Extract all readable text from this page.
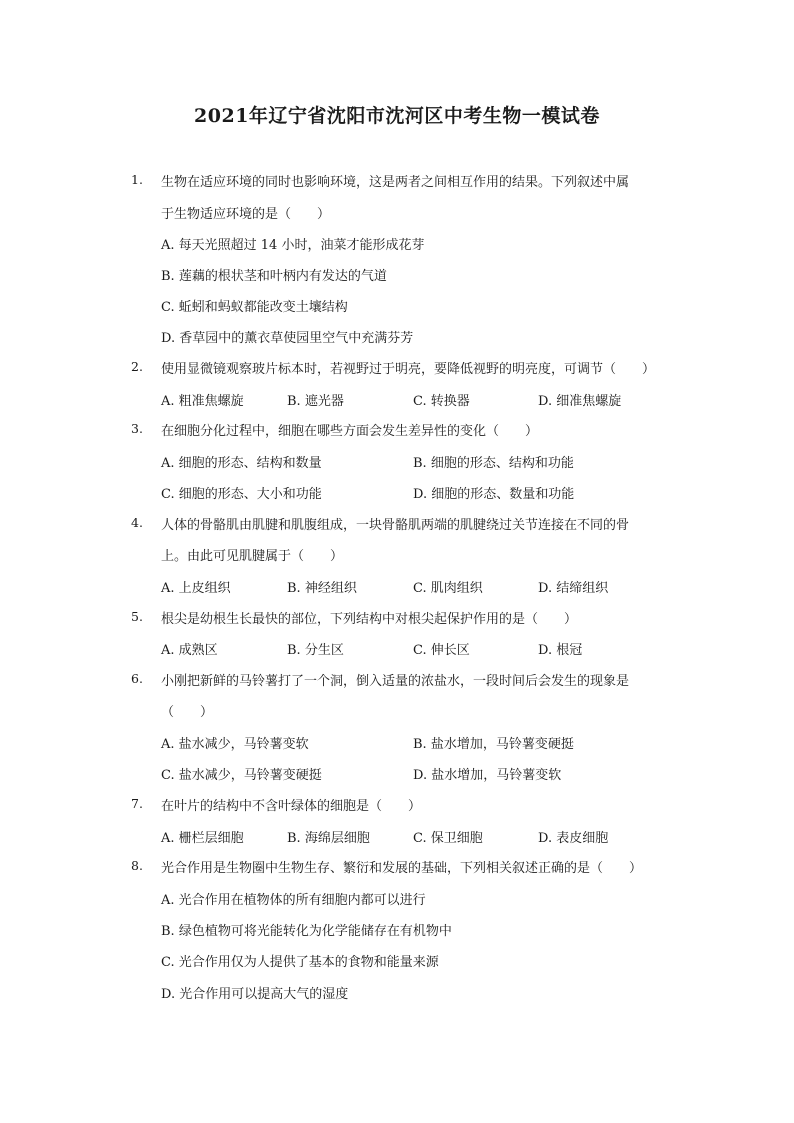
2021年辽宁省沈阳市沈河区中考生物一模试卷
1. 生物在适应环境的同时也影响环境，这是两者之间相互作用的结果。下列叙述中属
于生物适应环境的是（　　）
A. 每天光照超过 14 小时，油菜才能形成花芽
B. 莲藕的根状茎和叶柄内有发达的气道
C. 蚯蚓和蚂蚁都能改变土壤结构
D. 香草园中的薰衣草使园里空气中充满芬芳
2. 使用显微镜观察玻片标本时，若视野过于明亮，要降低视野的明亮度，可调节（　　）
A. 粗准焦螺旋	B. 遮光器	C. 转换器	D. 细准焦螺旋
3. 在细胞分化过程中，细胞在哪些方面会发生差异性的变化（　　）
A. 细胞的形态、结构和数量	B. 细胞的形态、结构和功能
C. 细胞的形态、大小和功能	D. 细胞的形态、数量和功能
4. 人体的骨骼肌由肌腱和肌腹组成，一块骨骼肌两端的肌腱绕过关节连接在不同的骨
上。由此可见肌腱属于（　　）
A. 上皮组织	B. 神经组织	C. 肌肉组织	D. 结缔组织
5. 根尖是幼根生长最快的部位，下列结构中对根尖起保护作用的是（　　）
A. 成熟区	B. 分生区	C. 伸长区	D. 根冠
6. 小刚把新鲜的马铃薯打了一个洞，倒入适量的浓盐水，一段时间后会发生的现象是
（　　）
A. 盐水减少，马铃薯变软	B. 盐水增加，马铃薯变硬挺
C. 盐水减少，马铃薯变硬挺	D. 盐水增加，马铃薯变软
7. 在叶片的结构中不含叶绿体的细胞是（　　）
A. 栅栏层细胞	B. 海绵层细胞	C. 保卫细胞	D. 表皮细胞
8. 光合作用是生物圈中生物生存、繁衍和发展的基础，下列相关叙述正确的是（　　）
A. 光合作用在植物体的所有细胞内都可以进行
B. 绿色植物可将光能转化为化学能储存在有机物中
C. 光合作用仅为人提供了基本的食物和能量来源
D. 光合作用可以提高大气的湿度
